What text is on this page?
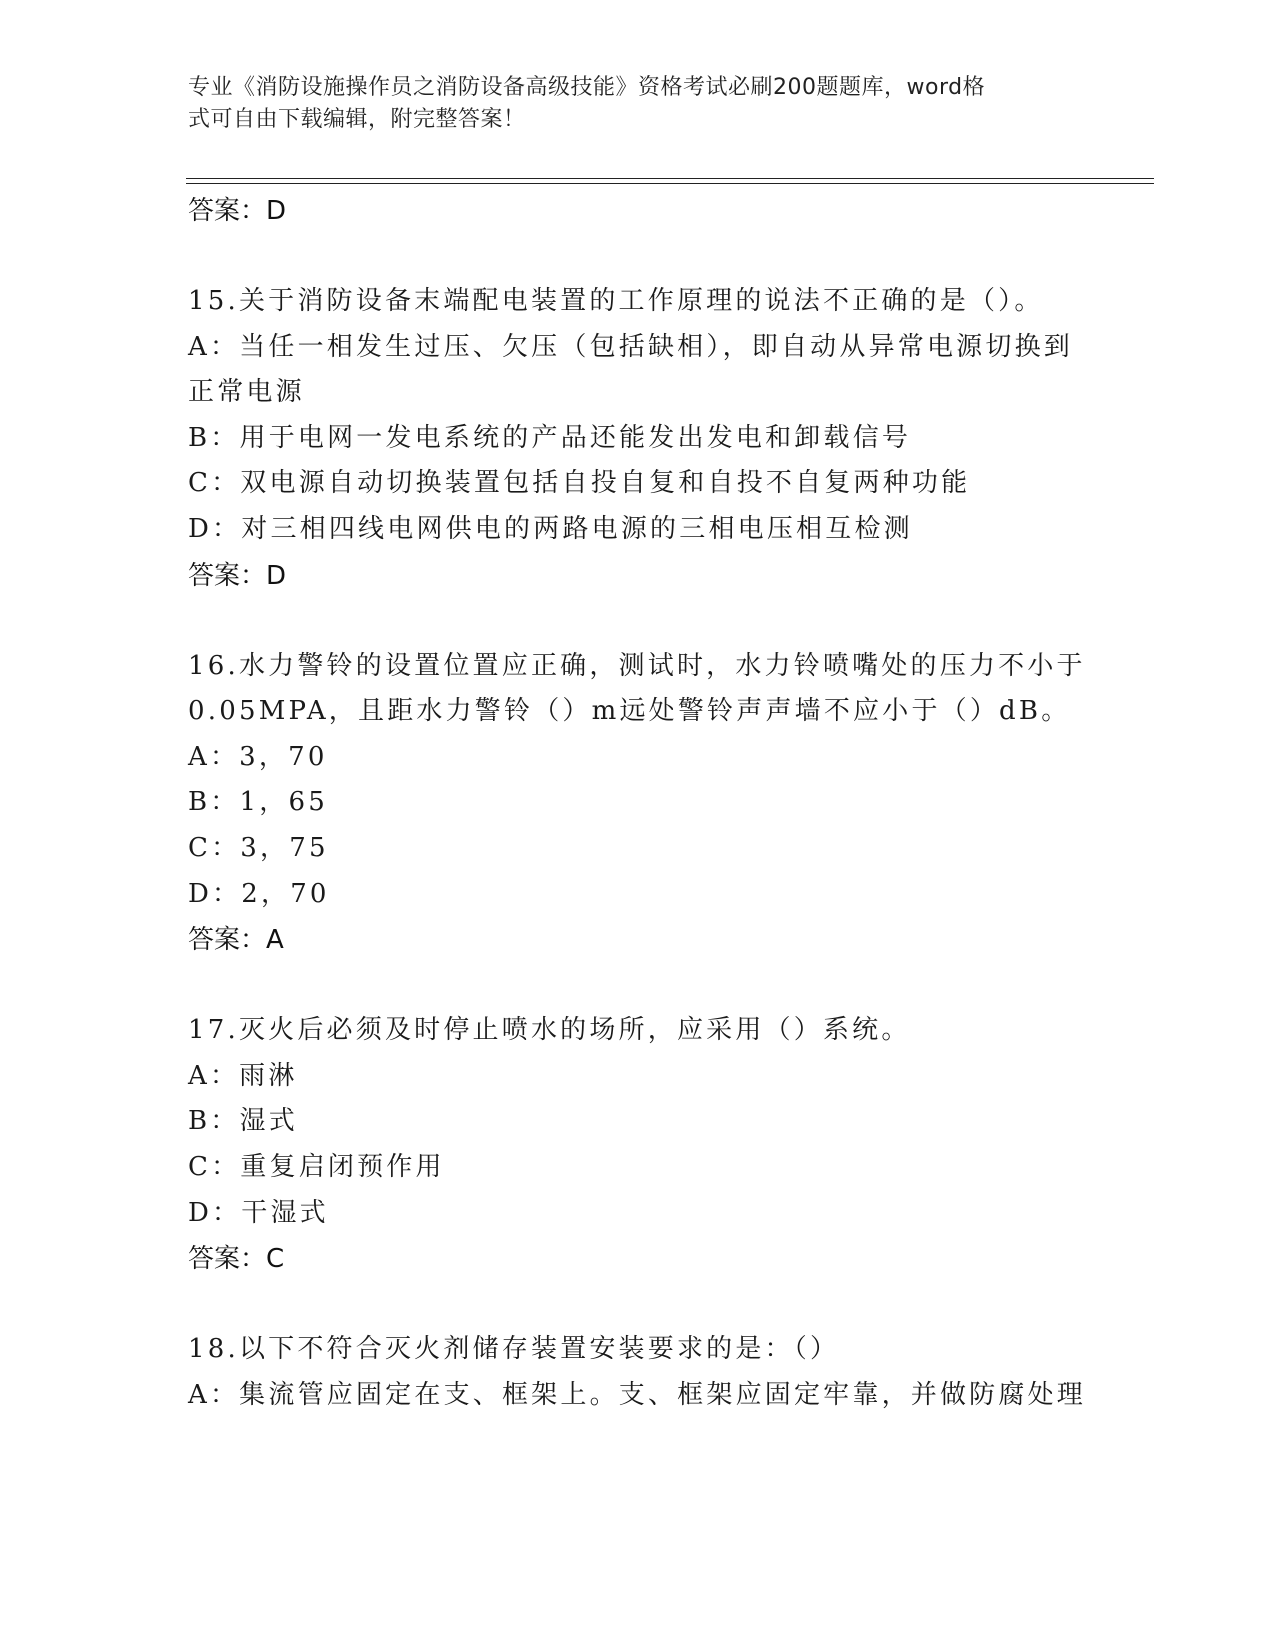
专业《消防设施操作员之消防设备高级技能》资格考试必刷200题题库，word格
式可自由下载编辑，附完整答案！
答案：D
15.关于消防设备末端配电装置的工作原理的说法不正确的是（）。
A：当任一相发生过压、欠压（包括缺相），即自动从异常电源切换到
正常电源
B：用于电网一发电系统的产品还能发出发电和卸载信号
C：双电源自动切换装置包括自投自复和自投不自复两种功能
D：对三相四线电网供电的两路电源的三相电压相互检测
答案：D
16.水力警铃的设置位置应正确，测试时，水力铃喷嘴处的压力不小于
0.05MPA，且距水力警铃（）m远处警铃声声墙不应小于（）dB。
A：3，70
B：1，65
C：3，75
D：2，70
答案：A
17.灭火后必须及时停止喷水的场所，应采用（）系统。
A：雨淋
B：湿式
C：重复启闭预作用
D：干湿式
答案：C
18.以下不符合灭火剂储存装置安装要求的是：（）
A：集流管应固定在支、框架上。支、框架应固定牢靠，并做防腐处理
